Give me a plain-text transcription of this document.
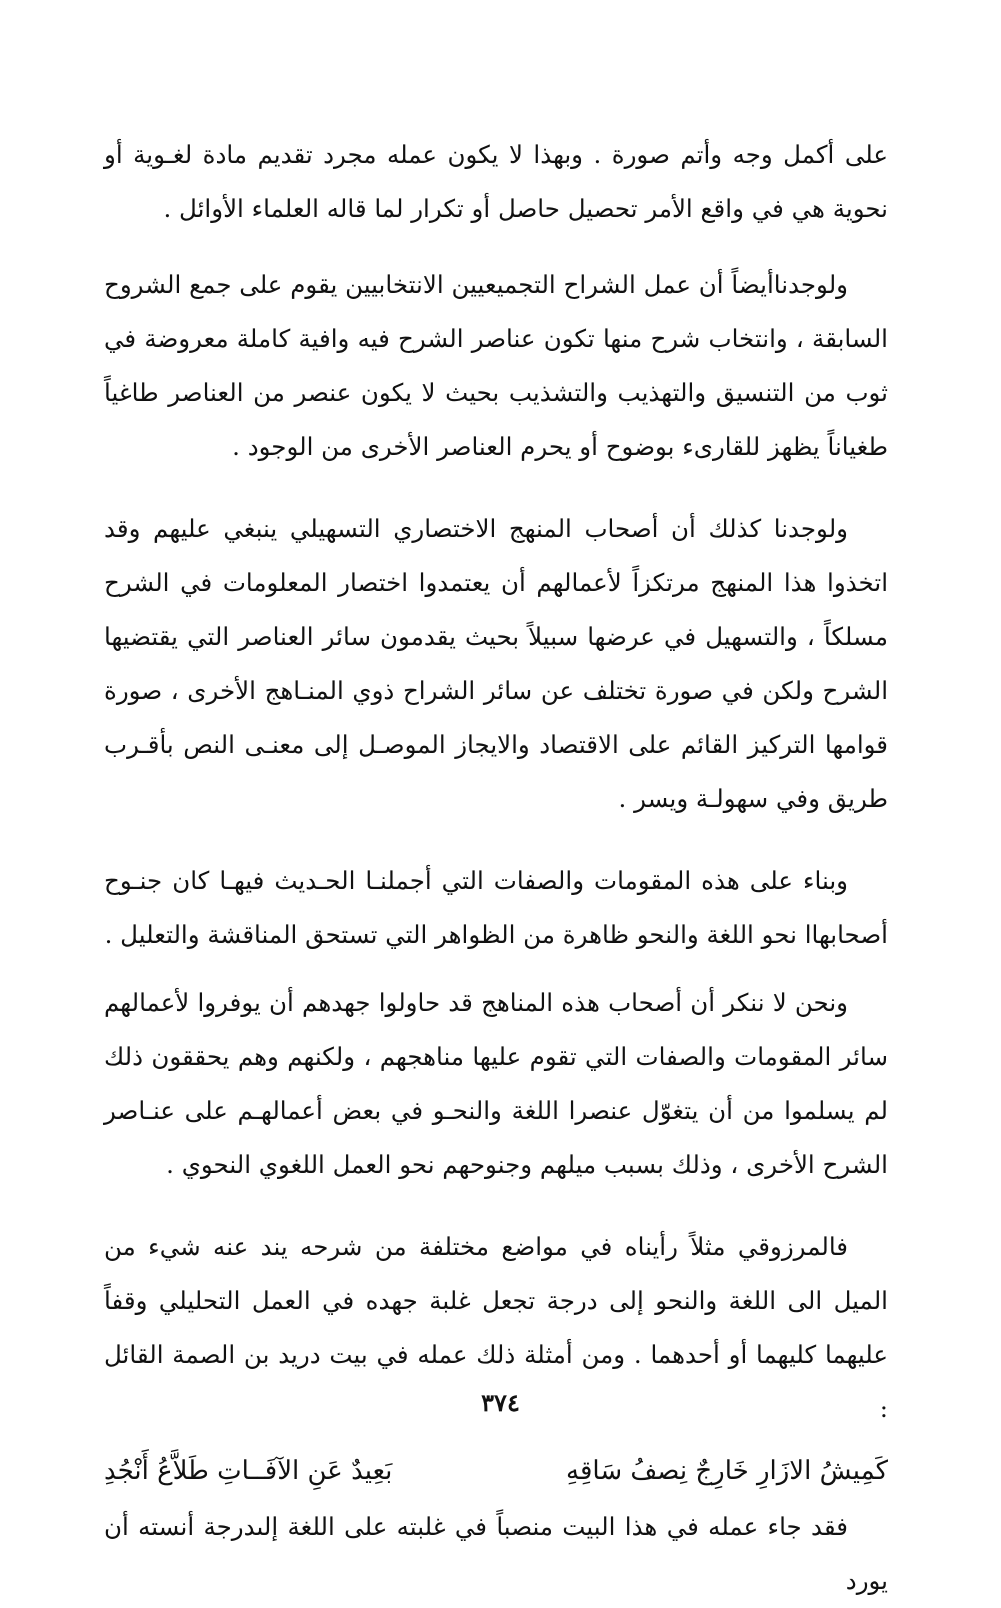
على أكمل وجه وأتم صورة . وبهذا لا يكون عمله مجرد تقديم مادة لغـوية أو نحوية هي في واقع الأمر تحصيل حاصل أو تكرار لما قاله العلماء الأوائل .

ولوجدناأيضاً أن عمل الشراح التجميعيين الانتخابيين يقوم على جمع الشروح السابقة ، وانتخاب شرح منها تكون عناصر الشرح فيه وافية كاملة معروضة في ثوب من التنسيق والتهذيب والتشذيب بحيث لا يكون عنصر من العناصر طاغياً طغياناً يظهز للقارىء بوضوح أو يحرم العناصر الأخرى من الوجود .

ولوجدنا كذلك أن أصحاب المنهج الاختصاري التسهيلي ينبغي عليهم وقد اتخذوا هذا المنهج مرتكزاً لأعمالهم أن يعتمدوا اختصار المعلومات في الشرح مسلكاً ، والتسهيل في عرضها سبيلاً بحيث يقدمون سائر العناصر التي يقتضيها الشرح ولكن في صورة تختلف عن سائر الشراح ذوي المنـاهج الأخرى ، صورة قوامها التركيز القائم على الاقتصاد والايجاز الموصـل إلى معنـى النص بأقـرب طريق وفي سهولـة ويسر .

وبناء على هذه المقومات والصفات التي أجملنـا الحـديث فيهـا كان جنـوح أصحابهاا نحو اللغة والنحو ظاهرة من الظواهر التي تستحق المناقشة والتعليل .

ونحن لا ننكر أن أصحاب هذه المناهج قد حاولوا جهدهم أن يوفروا لأعمالهم سائر المقومات والصفات التي تقوم عليها مناهجهم ، ولكنهم وهم يحققون ذلك لم يسلموا من أن يتغوّل عنصرا اللغة والنحـو في بعض أعمالهـم على عنـاصر الشرح الأخرى ، وذلك بسبب ميلهم وجنوحهم نحو العمل اللغوي النحوي .

فالمرزوقي مثلاً رأيناه في مواضع مختلفة من شرحه يند عنه شيء من الميل الى اللغة والنحو إلى درجة تجعل غلبة جهده في العمل التحليلي وقفاً عليهما كليهما أو أحدهما . ومن أمثلة ذلك عمله في بيت دريد بن الصمة القائل :

كَمِيشُ الازَارِ خَارِجٌ نِصفُ سَاقِهِ
بَعِيدٌ عَنِ الآفَــاتِ طَلاَّعُ أَنْجُدِ

فقد جاء عمله في هذا البيت منصباً في غلبته على اللغة إلىدرجة أنسته أن يورد

٣٧٤
